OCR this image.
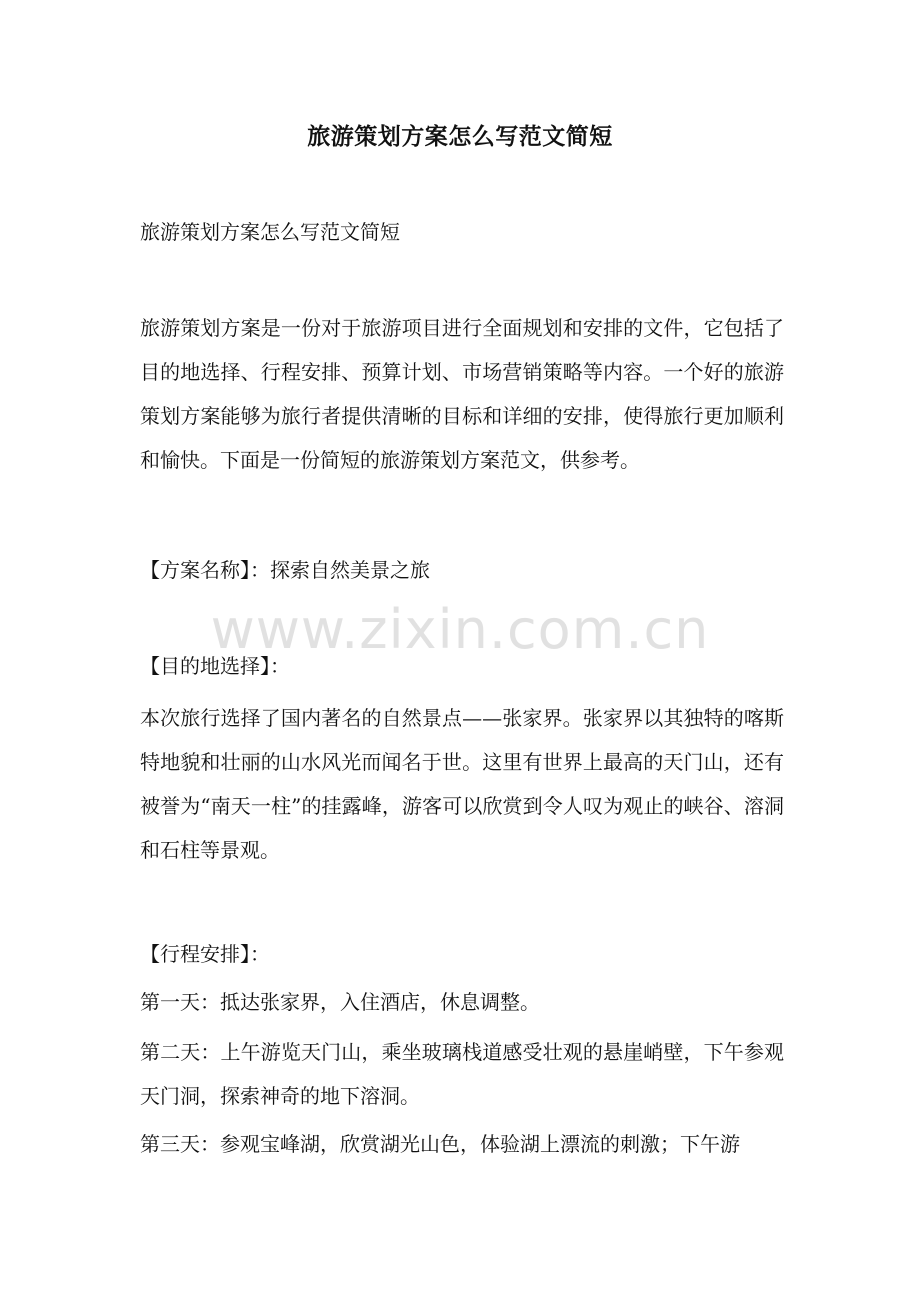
旅游策划方案怎么写范文简短
旅游策划方案怎么写范文简短
旅游策划方案是一份对于旅游项目进行全面规划和安排的文件，它包括了目的地选择、行程安排、预算计划、市场营销策略等内容。一个好的旅游策划方案能够为旅行者提供清晰的目标和详细的安排，使得旅行更加顺利和愉快。下面是一份简短的旅游策划方案范文，供参考。
【方案名称】：探索自然美景之旅
www.zixin.com.cn
【目的地选择】：
本次旅行选择了国内著名的自然景点——张家界。张家界以其独特的喀斯特地貌和壮丽的山水风光而闻名于世。这里有世界上最高的天门山，还有被誉为“南天一柱”的挂露峰，游客可以欣赏到令人叹为观止的峡谷、溶洞和石柱等景观。
【行程安排】：
第一天：抵达张家界，入住酒店，休息调整。
第二天：上午游览天门山，乘坐玻璃栈道感受壮观的悬崖峭壁，下午参观天门洞，探索神奇的地下溶洞。
第三天：参观宝峰湖，欣赏湖光山色，体验湖上漂流的刺激；下午游
